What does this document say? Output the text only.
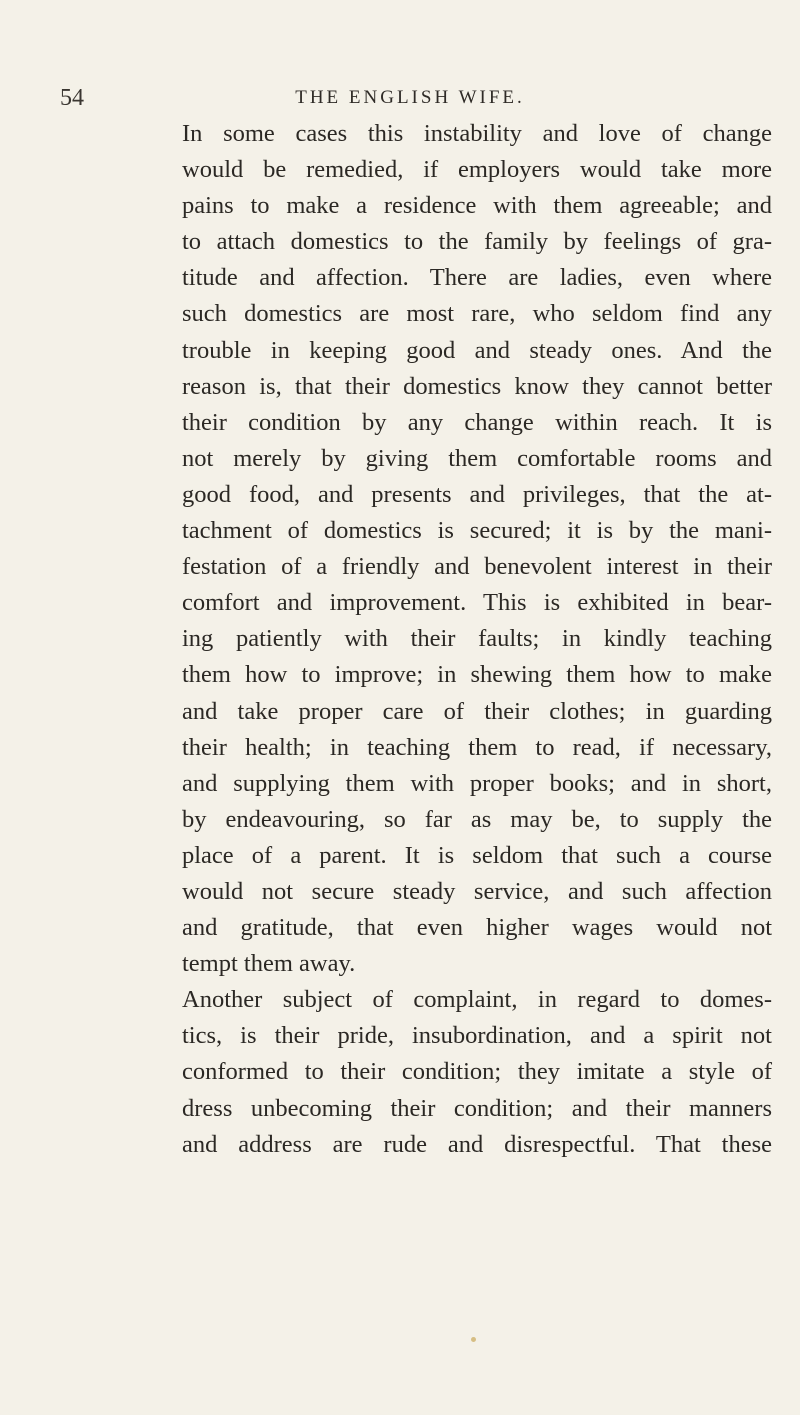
54	THE ENGLISH WIFE.
In some cases this instability and love of change
would be remedied, if employers would take more
pains to make a residence with them agreeable; and
to attach domestics to the family by feelings of gra-
titude and affection. There are ladies, even where
such domestics are most rare, who seldom find any
trouble in keeping good and steady ones. And the
reason is, that their domestics know they cannot better
their condition by any change within reach. It is
not merely by giving them comfortable rooms and
good food, and presents and privileges, that the at-
tachment of domestics is secured; it is by the mani-
festation of a friendly and benevolent interest in their
comfort and improvement. This is exhibited in bear-
ing patiently with their faults; in kindly teaching
them how to improve; in shewing them how to make
and take proper care of their clothes; in guarding
their health; in teaching them to read, if necessary,
and supplying them with proper books; and in short,
by endeavouring, so far as may be, to supply the
place of a parent. It is seldom that such a course
would not secure steady service, and such affection
and gratitude, that even higher wages would not
tempt them away.
Another subject of complaint, in regard to domes-
tics, is their pride, insubordination, and a spirit not
conformed to their condition; they imitate a style of
dress unbecoming their condition; and their manners
and address are rude and disrespectful. That these
